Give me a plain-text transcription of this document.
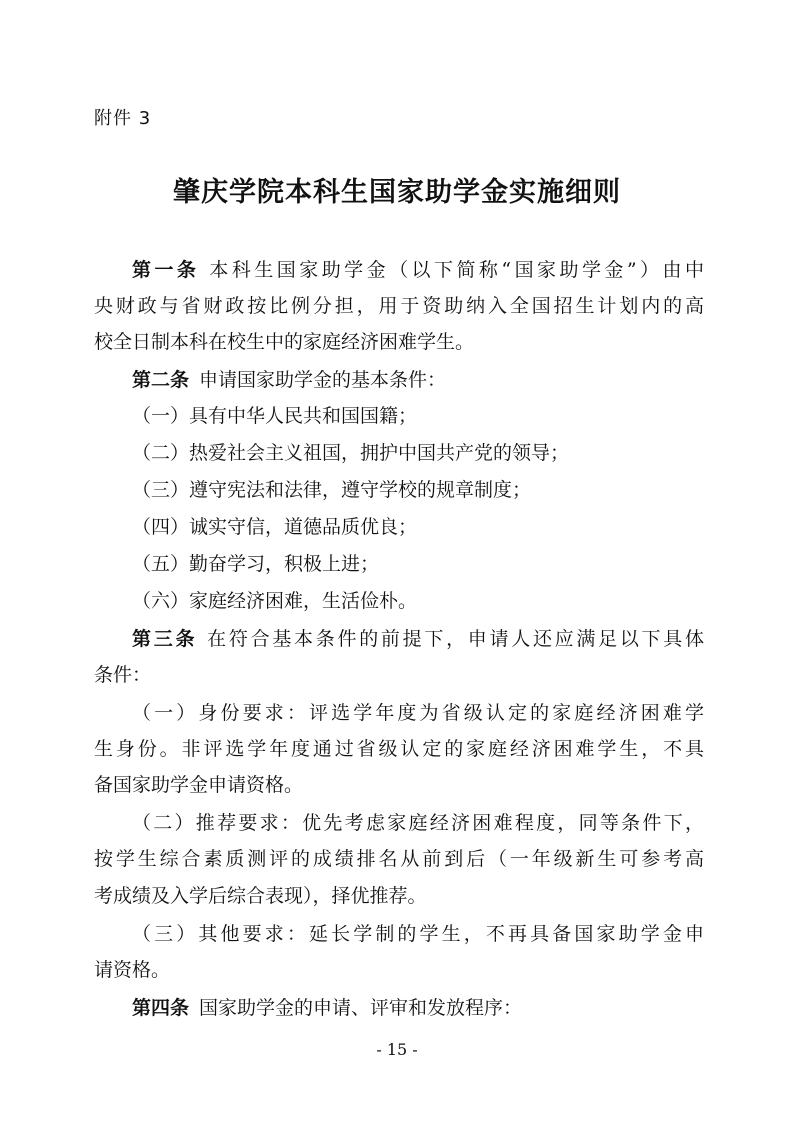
附件 3
肇庆学院本科生国家助学金实施细则
第一条 本科生国家助学金（以下简称“国家助学金”）由中
央财政与省财政按比例分担，用于资助纳入全国招生计划内的高
校全日制本科在校生中的家庭经济困难学生。
第二条 申请国家助学金的基本条件：
（一）具有中华人民共和国国籍；
（二）热爱社会主义祖国，拥护中国共产党的领导；
（三）遵守宪法和法律，遵守学校的规章制度；
（四）诚实守信，道德品质优良；
（五）勤奋学习，积极上进；
（六）家庭经济困难，生活俭朴。
第三条 在符合基本条件的前提下，申请人还应满足以下具体
条件：
（一）身份要求：评选学年度为省级认定的家庭经济困难学
生身份。非评选学年度通过省级认定的家庭经济困难学生，不具
备国家助学金申请资格。
（二）推荐要求：优先考虑家庭经济困难程度，同等条件下，
按学生综合素质测评的成绩排名从前到后（一年级新生可参考高
考成绩及入学后综合表现），择优推荐。
（三）其他要求：延长学制的学生，不再具备国家助学金申
请资格。
第四条 国家助学金的申请、评审和发放程序：
- 15 -
